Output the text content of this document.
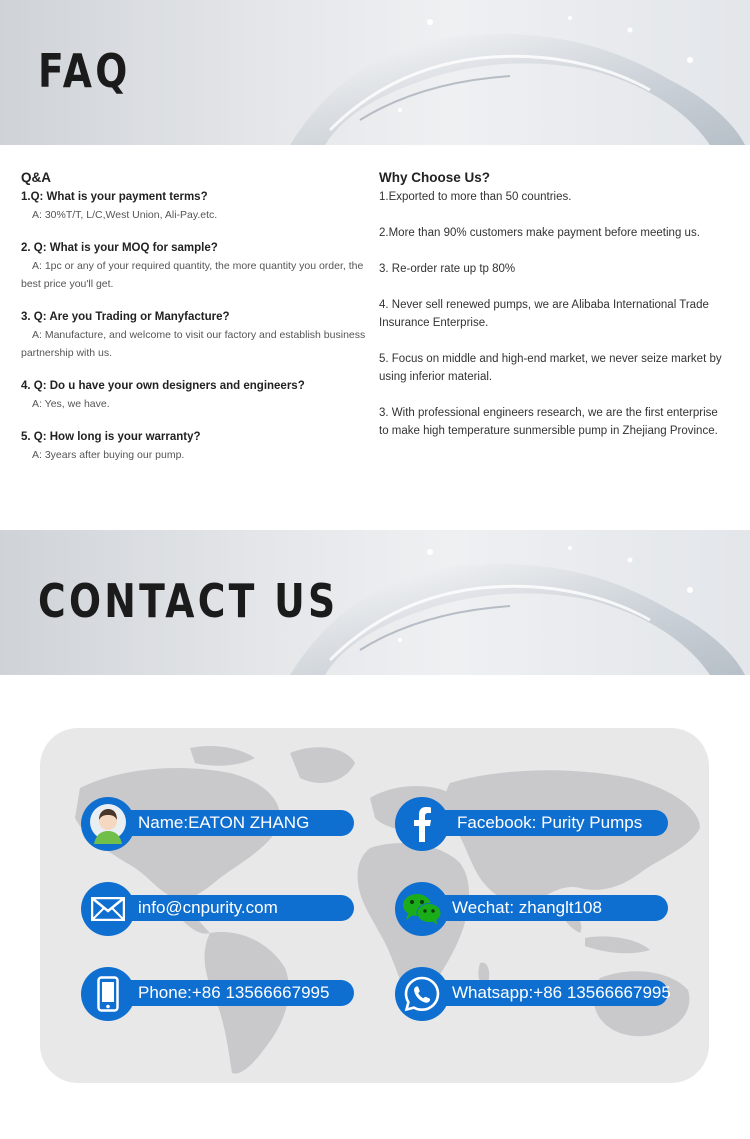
FAQ
Q&A
1.Q: What is your payment terms?
A: 30%T/T, L/C,West Union, Ali-Pay.etc.
2. Q: What is your MOQ for sample?
A: 1pc or any of your required quantity, the more quantity you order, the best price you'll get.
3. Q: Are you Trading or Manyfacture?
A: Manufacture, and welcome to visit our factory and establish business partnership with us.
4. Q: Do u have your own designers and engineers?
A: Yes, we have.
5. Q: How long is your warranty?
A: 3years after buying our pump.
Why Choose Us?
1.Exported to more than 50 countries.
2.More than 90% customers make payment before meeting us.
3. Re-order rate up tp 80%
4. Never sell renewed pumps, we are Alibaba International Trade Insurance Enterprise.
5. Focus on middle and high-end market, we never seize market by using inferior material.
3. With professional engineers research, we are the first enterprise to make high temperature sunmersible pump in Zhejiang Province.
CONTACT US
Name:EATON ZHANG
info@cnpurity.com
Phone:+86 13566667995
Facebook: Purity Pumps
Wechat: zhanglt108
Whatsapp:+86 13566667995
